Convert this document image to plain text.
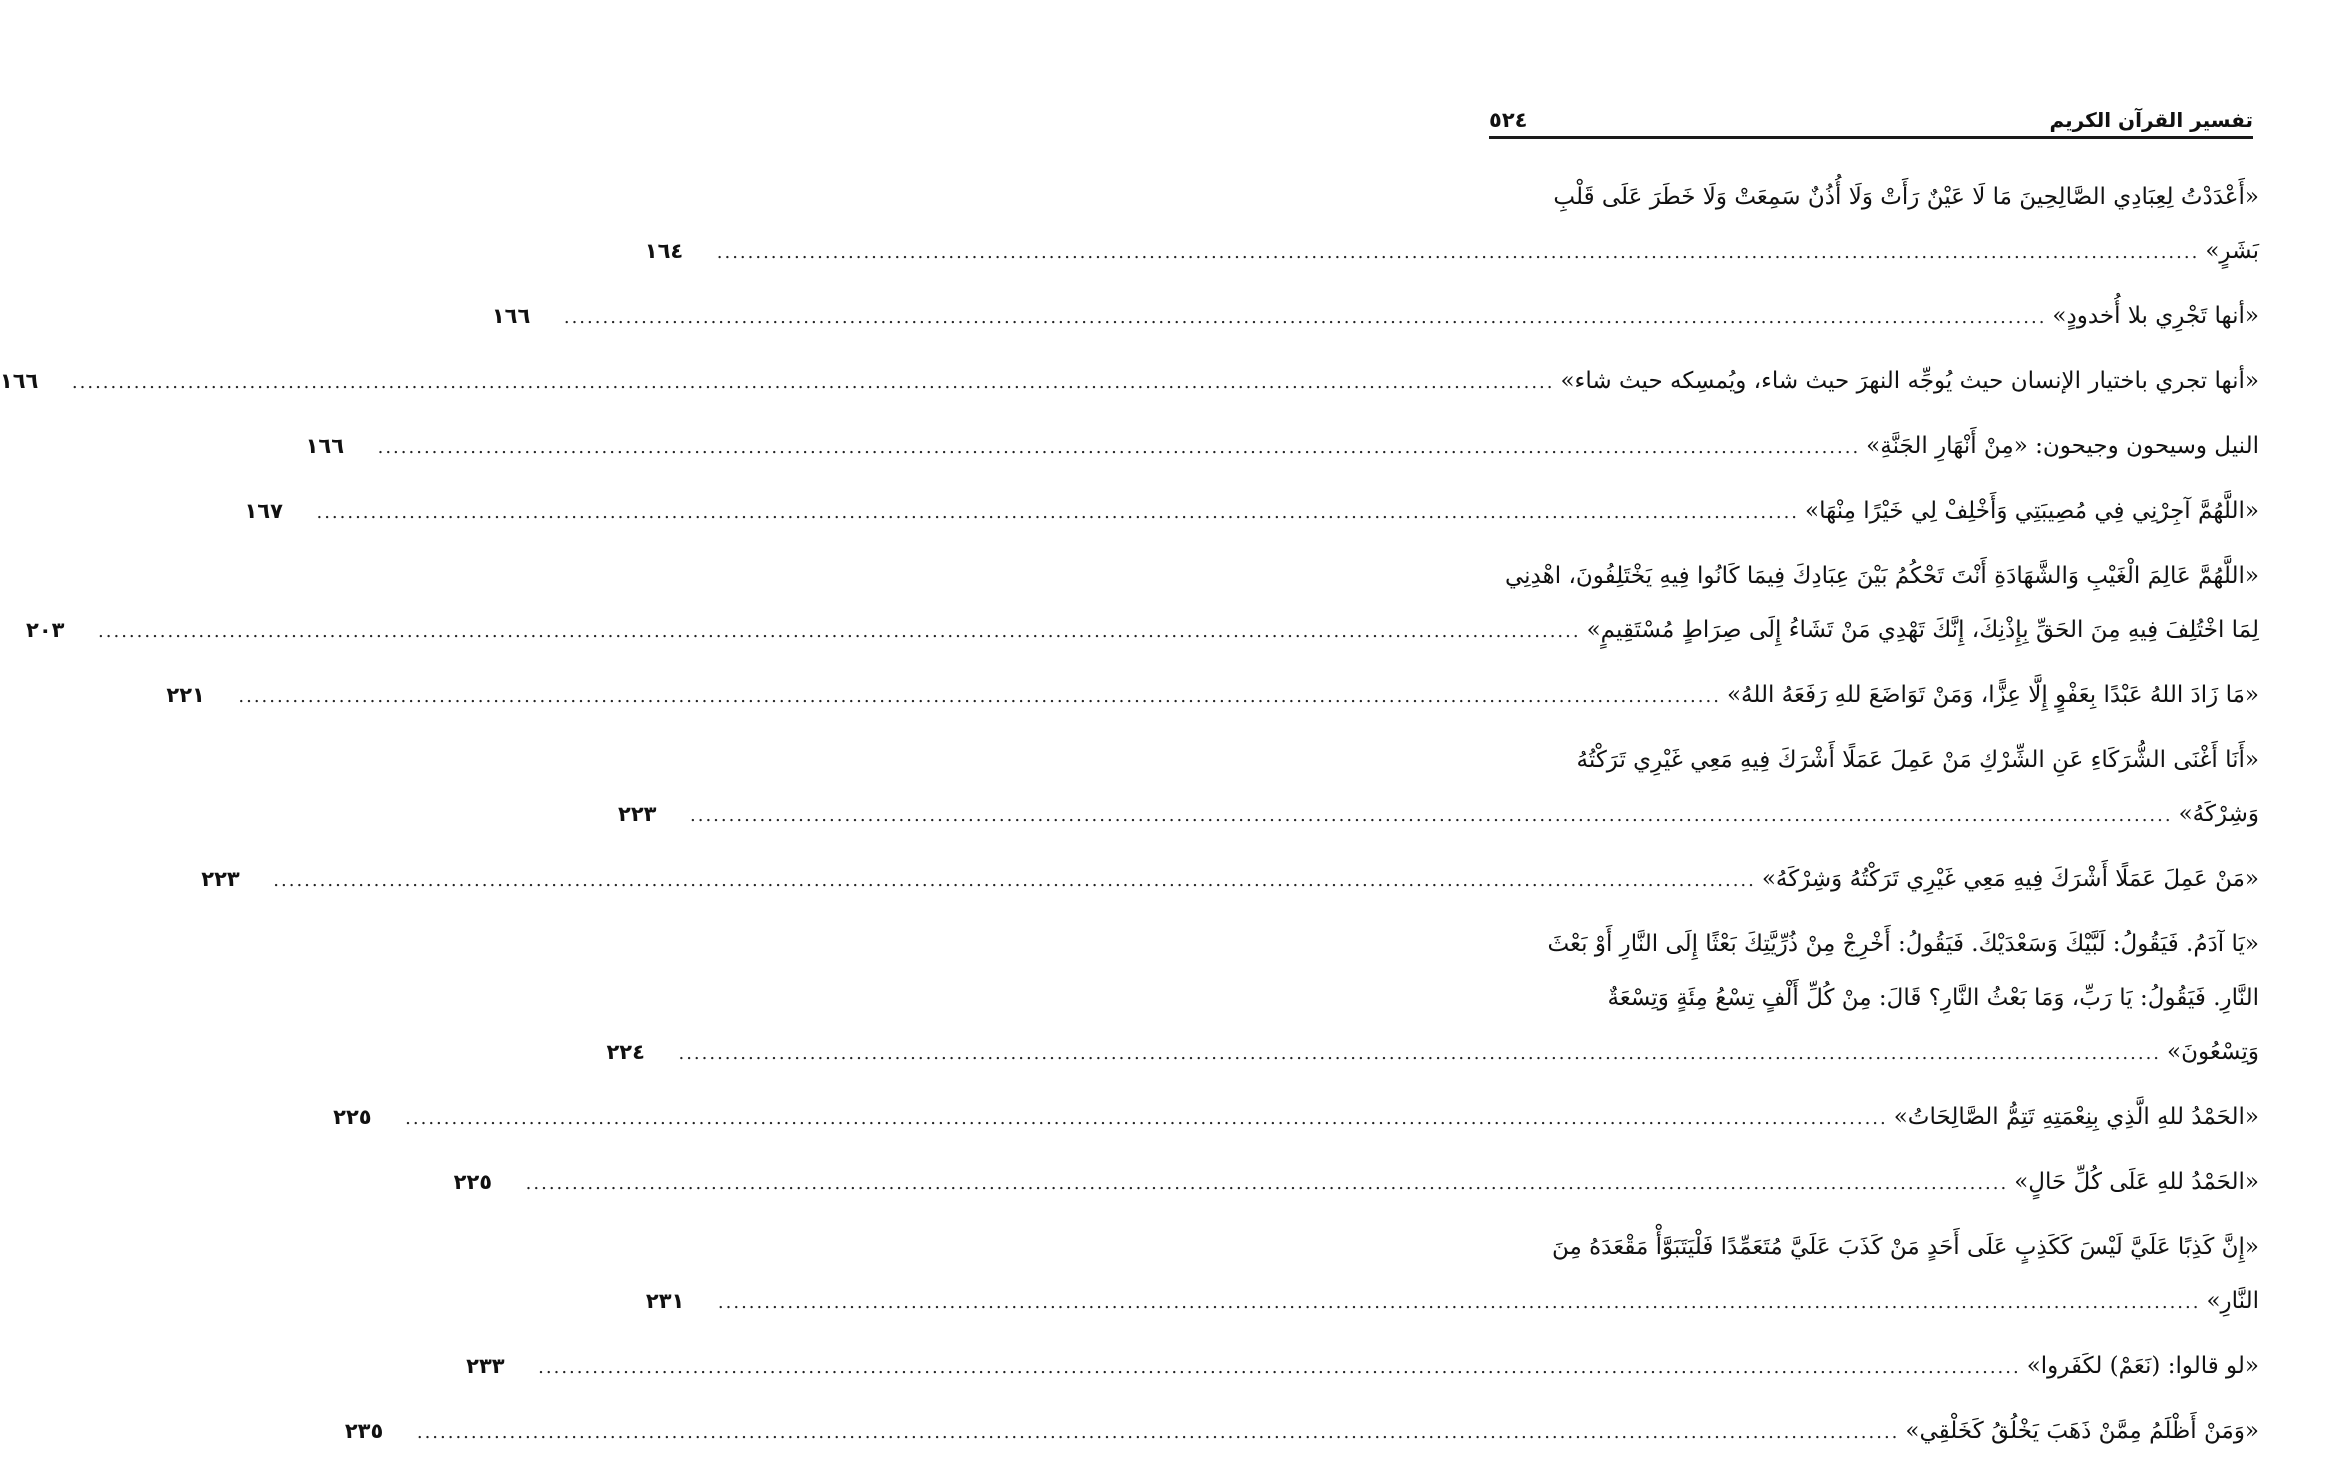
تفسير القرآن الكريم
٥٢٤
«أَعْدَدْتُ لِعِبَادِي الصَّالِحِينَ مَا لَا عَيْنٌ رَأَتْ وَلَا أُذُنٌ سَمِعَتْ وَلَا خَطَرَ عَلَى قَلْبِ
بَشَرٍ»
.....
١٦٤
«أنها تَجْرِي بلا أُخدودٍ»
.....
١٦٦
«أنها تجري باختيار الإنسان حيث يُوجِّه النهرَ حيث شاء، ويُمسِكه حيث شاء»
.....
١٦٦
النيل وسيحون وجيحون: «مِنْ أَنْهَارِ الجَنَّةِ»
.....
١٦٦
«اللَّهُمَّ آجِرْنِي فِي مُصِيبَتِي وَأَخْلِفْ لِي خَيْرًا مِنْهَا»
.....
١٦٧
«اللَّهُمَّ عَالِمَ الْغَيْبِ وَالشَّهَادَةِ أَنْتَ تَحْكُمُ بَيْنَ عِبَادِكَ فِيمَا كَانُوا فِيهِ يَخْتَلِفُونَ، اهْدِنِي
لِمَا اخْتُلِفَ فِيهِ مِنَ الحَقِّ بِإِذْنِكَ، إِنَّكَ تَهْدِي مَنْ تَشَاءُ إِلَى صِرَاطٍ مُسْتَقِيمٍ»
.....
٢٠٣
«مَا زَادَ اللهُ عَبْدًا بِعَفْوٍ إِلَّا عِزًّا، وَمَنْ تَوَاضَعَ للهِ رَفَعَهُ اللهُ»
.....
٢٢١
«أَنَا أَغْنَى الشُّرَكَاءِ عَنِ الشِّرْكِ مَنْ عَمِلَ عَمَلًا أَشْرَكَ فِيهِ مَعِي غَيْرِي تَرَكْتُهُ
وَشِرْكَهُ»
.....
٢٢٣
«مَنْ عَمِلَ عَمَلًا أَشْرَكَ فِيهِ مَعِي غَيْرِي تَرَكْتُهُ وَشِرْكَهُ»
.....
٢٢٣
«يَا آدَمُ. فَيَقُولُ: لَبَّيْكَ وَسَعْدَيْكَ. فَيَقُولُ: أَخْرِجْ مِنْ ذُرِّيَّتِكَ بَعْثًا إِلَى النَّارِ أَوْ بَعْثَ
النَّارِ. فَيَقُولُ: يَا رَبِّ، وَمَا بَعْثُ النَّارِ؟ قَالَ: مِنْ كُلِّ أَلْفٍ تِسْعُ مِئَةٍ وَتِسْعَةٌ
وَتِسْعُونَ»
.....
٢٢٤
«الحَمْدُ للهِ الَّذِي بِنِعْمَتِهِ تَتِمُّ الصَّالِحَاتُ»
.....
٢٢٥
«الحَمْدُ للهِ عَلَى كُلِّ حَالٍ»
.....
٢٢٥
«إِنَّ كَذِبًا عَلَيَّ لَيْسَ كَكَذِبٍ عَلَى أَحَدٍ مَنْ كَذَبَ عَلَيَّ مُتَعَمِّدًا فَلْيَتَبَوَّأْ مَقْعَدَهُ مِنَ
النَّارِ»
.....
٢٣١
«لو قالوا: (نَعَمْ) لكَفَروا»
.....
٢٣٣
«وَمَنْ أَظْلَمُ مِمَّنْ ذَهَبَ يَخْلُقُ كَخَلْقِي»
.....
٢٣٥
